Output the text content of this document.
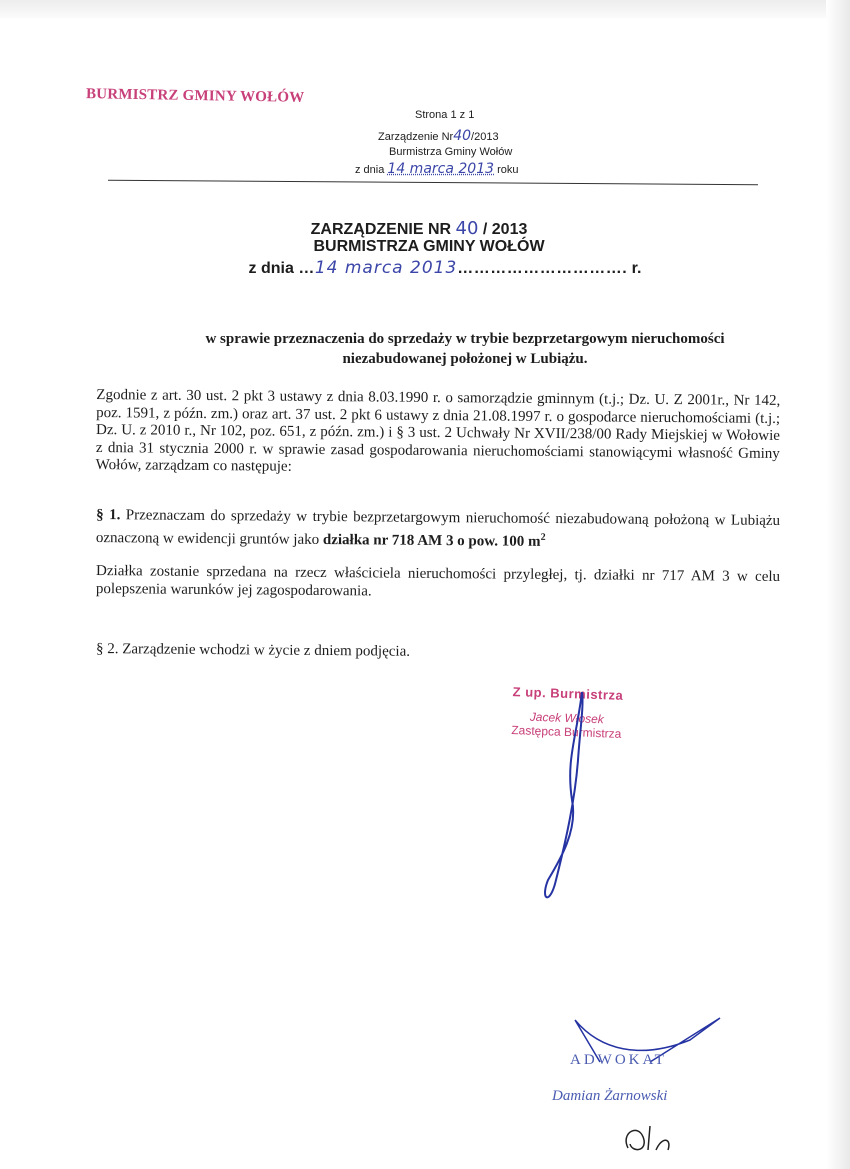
BURMISTRZ GMINY WOŁÓW
Strona 1 z 1
Zarządzenie Nr40/2013
Burmistrza Gminy Wołów
z dnia 14 marca 2013 roku
ZARZĄDZENIE NR 40 / 2013
BURMISTRZA GMINY WOŁÓW
z dnia …14 marca 2013…………………………. r.
w sprawie przeznaczenia do sprzedaży w trybie bezprzetargowym nieruchomości
niezabudowanej położonej w Lubiążu.
Zgodnie z art. 30 ust. 2 pkt 3 ustawy z dnia 8.03.1990 r. o samorządzie gminnym (t.j.; Dz. U. Z 2001r., Nr 142, poz. 1591, z późn. zm.) oraz art. 37 ust. 2 pkt 6 ustawy z dnia 21.08.1997 r. o gospodarce nieruchomościami (t.j.; Dz. U. z 2010 r., Nr 102, poz. 651, z późn. zm.) i § 3 ust. 2 Uchwały Nr XVII/238/00 Rady Miejskiej w Wołowie z dnia 31 stycznia 2000 r. w sprawie zasad gospodarowania nieruchomościami stanowiącymi własność Gminy Wołów, zarządzam co następuje:
§ 1. Przeznaczam do sprzedaży w trybie bezprzetargowym nieruchomość niezabudowaną położoną w Lubiążu oznaczoną w ewidencji gruntów jako działka nr 718 AM 3 o pow. 100 $m^2$
Działka zostanie sprzedana na rzecz właściciela nieruchomości przyległej, tj. działki nr 717 AM 3 w celu polepszenia warunków jej zagospodarowania.
§ 2. Zarządzenie wchodzi w życie z dniem podjęcia.
Z up. Burmistrza
Jacek Włosek
Zastępca Burmistrza
ADWOKAT
Damian Żarnowski
